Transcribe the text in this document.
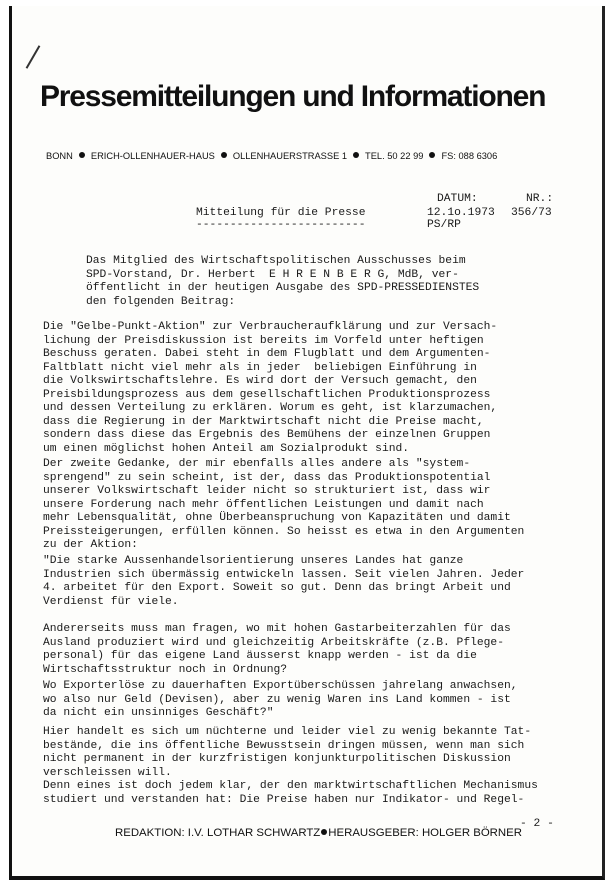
Pressemitteilungen und Informationen
BONN ERICH-OLLENHAUER-HAUS OLLENHAUERSTRASSE 1 TEL. 50 22 99 FS: 088 6306
Mitteilung für die Presse
-------------------------
DATUM:
12.1o.1973
PS/RP
NR.:
356/73
Das Mitglied des Wirtschaftspolitischen Ausschusses beim
SPD-Vorstand, Dr. Herbert  E H R E N B E R G, MdB, ver-
öffentlicht in der heutigen Ausgabe des SPD-PRESSEDIENSTES
den folgenden Beitrag:
Die "Gelbe-Punkt-Aktion" zur Verbraucheraufklärung und zur Versach-
lichung der Preisdiskussion ist bereits im Vorfeld unter heftigen
Beschuss geraten. Dabei steht in dem Flugblatt und dem Argumenten-
Faltblatt nicht viel mehr als in jeder  beliebigen Einführung in
die Volkswirtschaftslehre. Es wird dort der Versuch gemacht, den
Preisbildungsprozess aus dem gesellschaftlichen Produktionsprozess
und dessen Verteilung zu erklären. Worum es geht, ist klarzumachen,
dass die Regierung in der Marktwirtschaft nicht die Preise macht,
sondern dass diese das Ergebnis des Bemühens der einzelnen Gruppen
um einen möglichst hohen Anteil am Sozialprodukt sind.
Der zweite Gedanke, der mir ebenfalls alles andere als "system-
sprengend" zu sein scheint, ist der, dass das Produktionspotential
unserer Volkswirtschaft leider nicht so strukturiert ist, dass wir
unsere Forderung nach mehr öffentlichen Leistungen und damit nach
mehr Lebensqualität, ohne Überbeanspruchung von Kapazitäten und damit
Preissteigerungen, erfüllen können. So heisst es etwa in den Argumenten
zu der Aktion:
"Die starke Aussenhandelsorientierung unseres Landes hat ganze
Industrien sich übermässig entwickeln lassen. Seit vielen Jahren. Jeder
4. arbeitet für den Export. Soweit so gut. Denn das bringt Arbeit und
Verdienst für viele.
Andererseits muss man fragen, wo mit hohen Gastarbeiterzahlen für das
Ausland produziert wird und gleichzeitig Arbeitskräfte (z.B. Pflege-
personal) für das eigene Land äusserst knapp werden - ist da die
Wirtschaftsstruktur noch in Ordnung?
Wo Exporterlöse zu dauerhaften Exportüberschüssen jahrelang anwachsen,
wo also nur Geld (Devisen), aber zu wenig Waren ins Land kommen - ist
da nicht ein unsinniges Geschäft?"
Hier handelt es sich um nüchterne und leider viel zu wenig bekannte Tat-
bestände, die ins öffentliche Bewusstsein dringen müssen, wenn man sich
nicht permanent in der kurzfristigen konjunkturpolitischen Diskussion
verschleissen will.
Denn eines ist doch jedem klar, der den marktwirtschaftlichen Mechanismus
studiert und verstanden hat: Die Preise haben nur Indikator- und Regel-
- 2 -
REDAKTION: I.V. LOTHAR SCHWARTZ HERAUSGEBER: HOLGER BÖRNER
